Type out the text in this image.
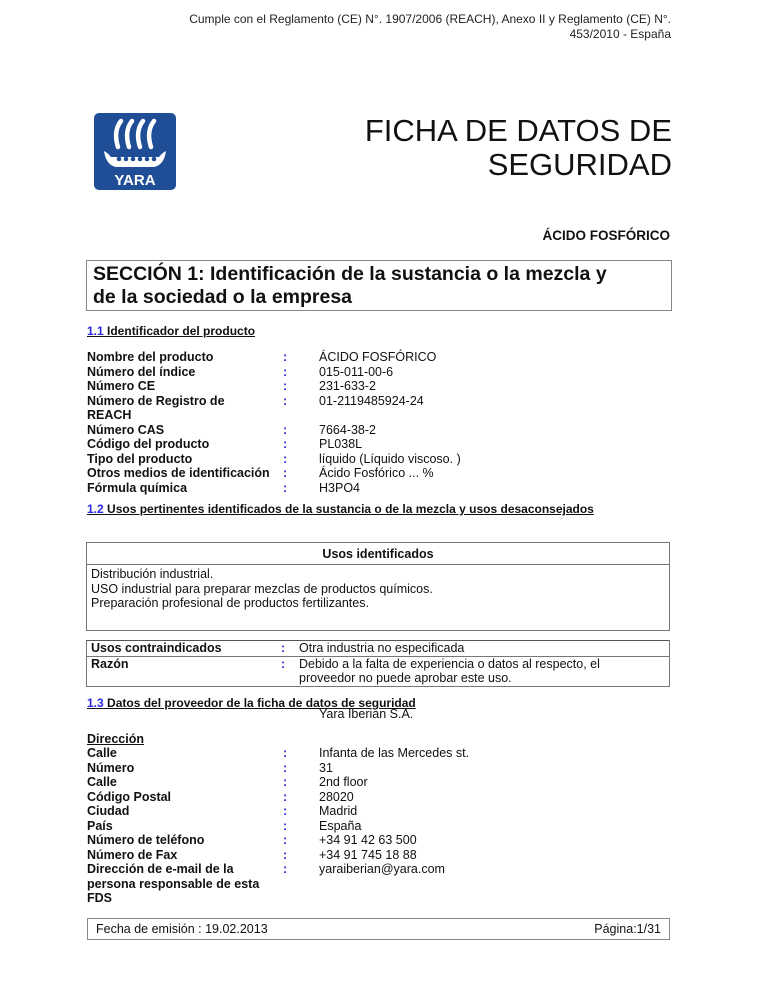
Cumple con el Reglamento (CE) N°. 1907/2006 (REACH), Anexo II y Reglamento (CE) N°.
453/2010 - España
YARA
FICHA DE DATOS DE
SEGURIDAD
ÁCIDO FOSFÓRICO
SECCIÓN 1: Identificación de la sustancia o la mezcla y
de la sociedad o la empresa
1.1 Identificador del producto
Nombre del producto	:	ÁCIDO FOSFÓRICO
Número del índice	:	015-011-00-6
Número CE	:	231-633-2
Número de Registro de
REACH
:	01-2119485924-24
Número CAS	:	7664-38-2
Código del producto	:	PL038L
Tipo del producto	:	líquido (Líquido viscoso. )
Otros medios de identificación	:	Ácido Fosfórico ... %
Fórmula química	:	H3PO4
1.2 Usos pertinentes identificados de la sustancia o de la mezcla y usos desaconsejados
Usos identificados

Distribución industrial.
USO industrial para preparar mezclas de productos químicos.
Preparación profesional de productos fertilizantes.
Usos contraindicados	:	Otra industria no especificada
Razón	:	Debido a la falta de experiencia o datos al respecto, el
proveedor no puede aprobar este uso.
1.3 Datos del proveedor de la ficha de datos de seguridad
Yara Iberian S.A.
Dirección
Calle	:	Infanta de las Mercedes st.
Número	:	31
Calle	:	2nd floor
Código Postal	:	28020
Ciudad	:	Madrid
País	:	España
Número de teléfono	:	+34 91 42 63 500
Número de Fax	:	+34 91 745 18 88
Dirección de e-mail de la
persona responsable de esta
FDS
:	yaraiberian@yara.com
Fecha de emisión : 19.02.2013	Página:1/31
